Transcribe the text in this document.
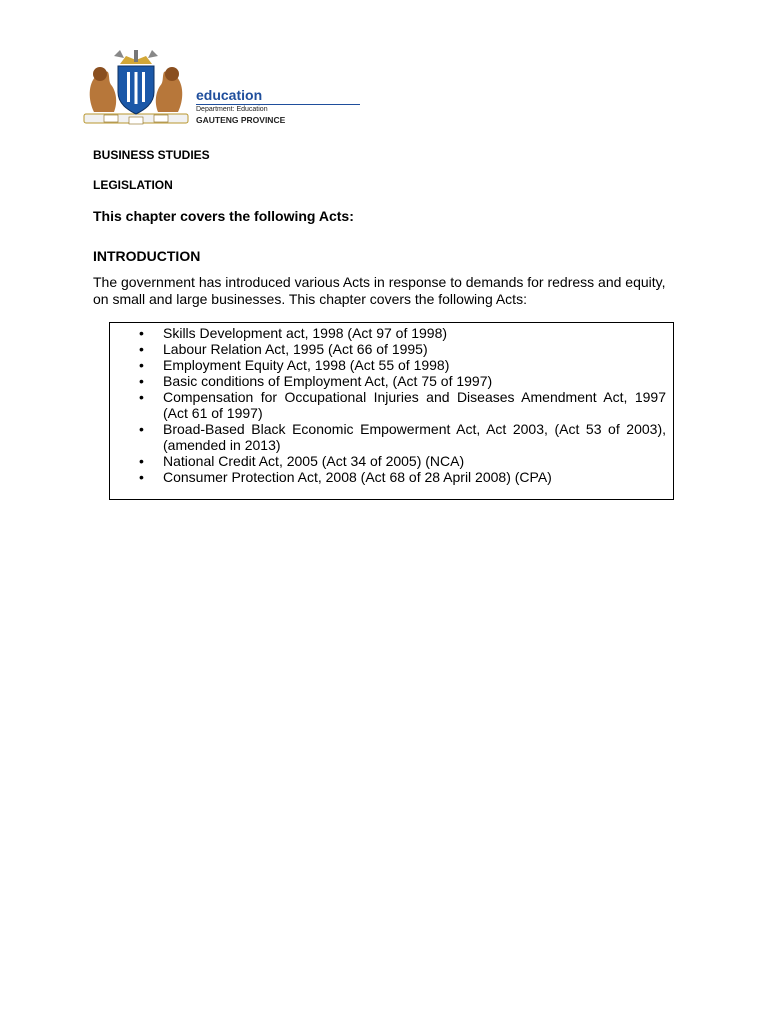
education
Department: Education
GAUTENG PROVINCE
BUSINESS STUDIES
LEGISLATION
This chapter covers the following Acts:
INTRODUCTION
The government has introduced various Acts in response to demands for redress and equity, on small and large businesses. This chapter covers the following Acts:
• Skills Development act, 1998 (Act 97 of 1998)
• Labour Relation Act, 1995 (Act 66 of 1995)
• Employment Equity Act, 1998 (Act 55 of 1998)
• Basic conditions of Employment Act, (Act 75 of 1997)
• Compensation for Occupational Injuries and Diseases Amendment Act, 1997 (Act 61 of 1997)
• Broad-Based Black Economic Empowerment Act, Act 2003, (Act 53 of 2003), (amended in 2013)
• National Credit Act, 2005 (Act 34 of 2005) (NCA)
• Consumer Protection Act, 2008 (Act 68 of 28 April 2008) (CPA)
